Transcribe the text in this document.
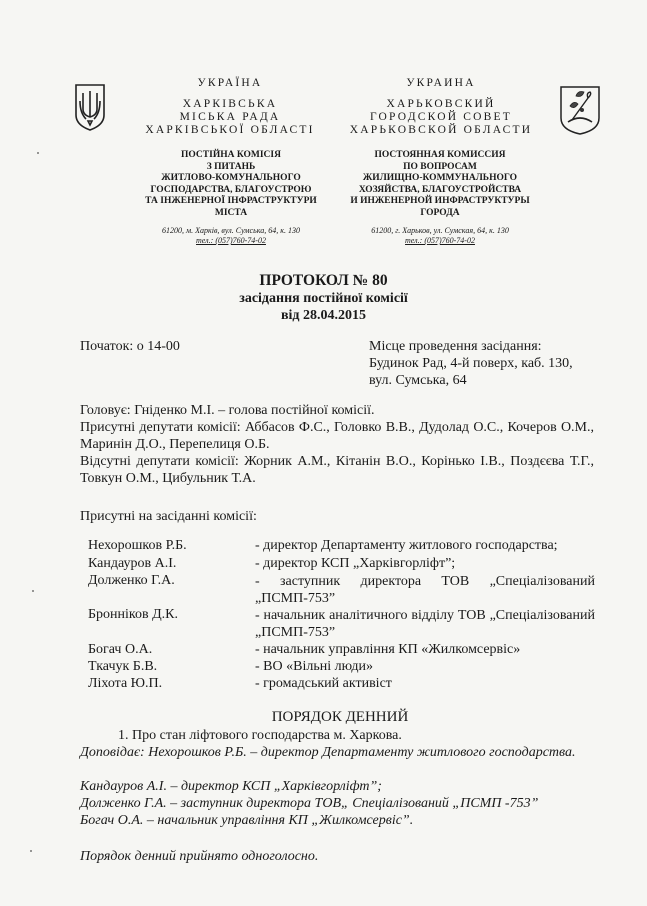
УКРАЇНА
ХАРКІВСЬКА
МІСЬКА РАДА
ХАРКІВСЬКОЇ ОБЛАСТІ
ПОСТІЙНА КОМІСІЯ
З ПИТАНЬ
ЖИТЛОВО-КОМУНАЛЬНОГО
ГОСПОДАРСТВА, БЛАГОУСТРОЮ
ТА ІНЖЕНЕРНОЇ ІНФРАСТРУКТУРИ
МІСТА
61200, м. Харків, вул. Сумська, 64, к. 130
тел.: (057)760-74-02
УКРАИНА
ХАРЬКОВСКИЙ
ГОРОДСКОЙ СОВЕТ
ХАРЬКОВСКОЙ ОБЛАСТИ
ПОСТОЯННАЯ КОМИССИЯ
ПО ВОПРОСАМ
ЖИЛИЩНО-КОММУНАЛЬНОГО
ХОЗЯЙСТВА, БЛАГОУСТРОЙСТВА
И ИНЖЕНЕРНОЙ ИНФРАСТРУКТУРЫ
ГОРОДА
61200, г. Харьков, ул. Сумская, 64, к. 130
тел.: (057)760-74-02
ПРОТОКОЛ № 80
засідання постійної комісії
від 28.04.2015
Початок: о 14-00	Місце проведення засідання:
Будинок Рад, 4-й поверх, каб. 130,
вул. Сумська, 64
Головує: Гніденко М.І. – голова постійної комісії.
Присутні депутати комісії: Аббасов Ф.С., Головко В.В., Дудолад О.С., Кочеров О.М., Маринін Д.О., Перепелиця О.Б.
Відсутні депутати комісії: Жорник А.М., Кітанін В.О., Корінько І.В., Поздєєва Т.Г., Товкун О.М., Цибульник Т.А.
Присутні на засіданні комісії:
Нехорошков Р.Б.	- директор Департаменту житлового господарства;
Кандауров А.І.	- директор КСП „Харківгорліфт”;
Долженко Г.А.	- заступник директора ТОВ „Спеціалізований „ПСМП-753”
Бронніков Д.К.	- начальник аналітичного відділу ТОВ „Спеціалізований „ПСМП-753”
Богач О.А.	- начальник управління КП «Жилкомсервіс»
Ткачук Б.В.	- ВО «Вільні люди»
Ліхота Ю.П.	- громадський активіст
ПОРЯДОК ДЕННИЙ
1. Про стан ліфтового господарства м. Харкова.
Доповідає: Нехорошков Р.Б. – директор Департаменту житлового господарства.
Кандауров А.І. – директор КСП „Харківгорліфт”;
Долженко Г.А. – заступник директора ТОВ„ Спеціалізований „ПСМП -753”
Богач О.А. – начальник управління КП „Жилкомсервіс”.
Порядок денний прийнято одноголосно.
